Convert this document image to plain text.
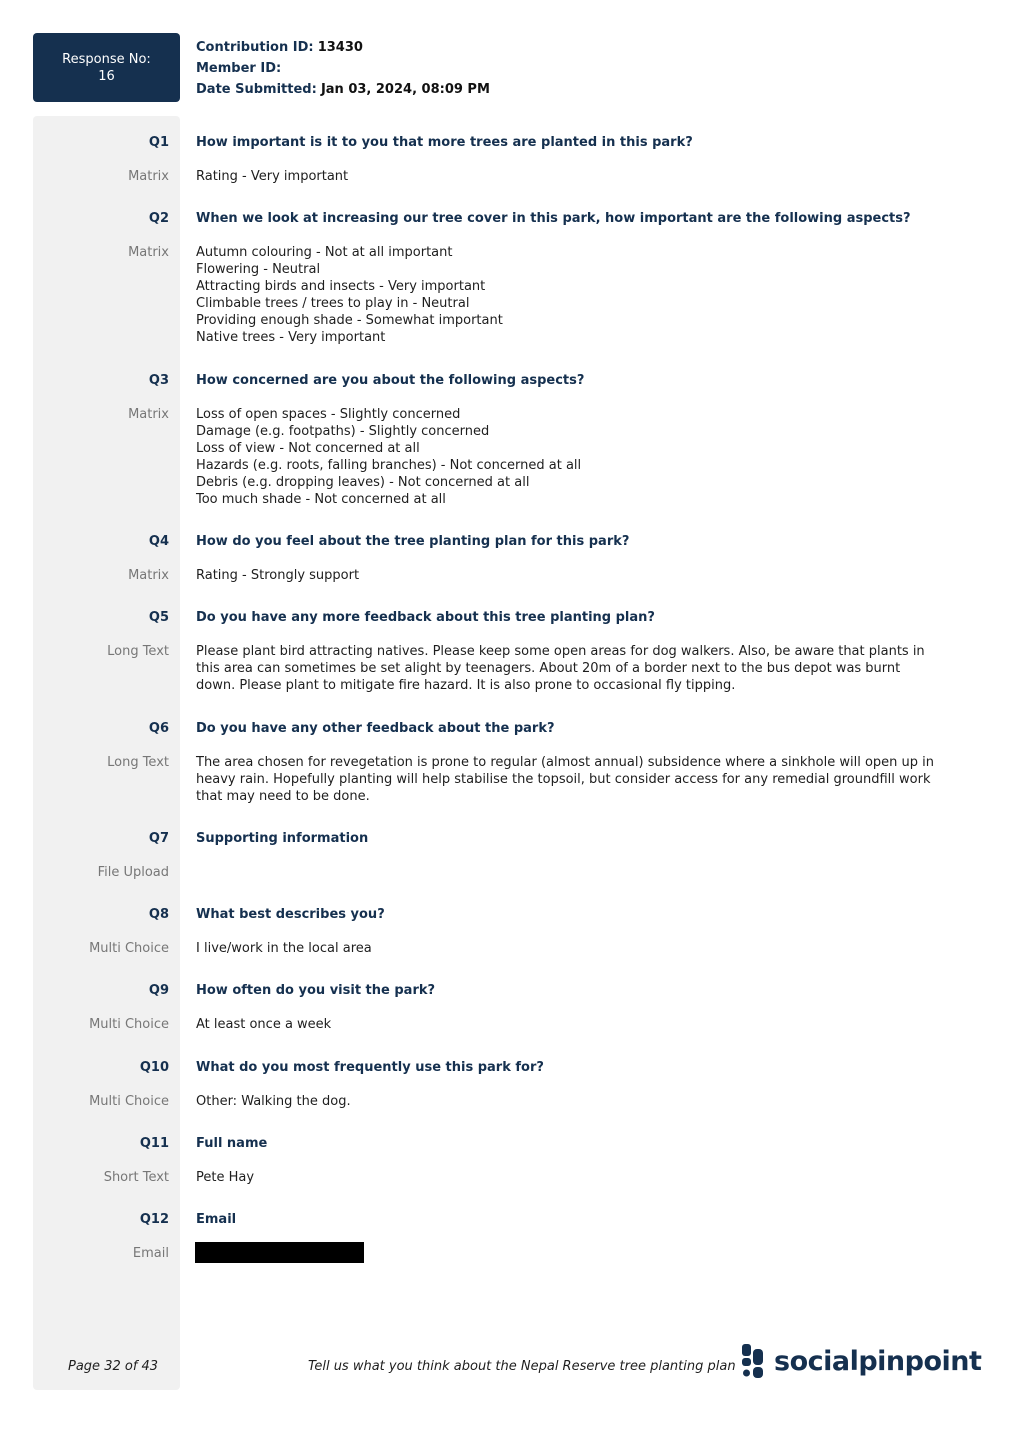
Response No:
16
Contribution ID: 13430
Member ID:
Date Submitted: Jan 03, 2024, 08:09 PM
Q1 How important is it to you that more trees are planted in this park?
Matrix Rating - Very important
Q2 When we look at increasing our tree cover in this park, how important are the following aspects?
Matrix Autumn colouring - Not at all important
Flowering - Neutral
Attracting birds and insects - Very important
Climbable trees / trees to play in - Neutral
Providing enough shade - Somewhat important
Native trees - Very important
Q3 How concerned are you about the following aspects?
Matrix Loss of open spaces - Slightly concerned
Damage (e.g. footpaths) - Slightly concerned
Loss of view - Not concerned at all
Hazards (e.g. roots, falling branches) - Not concerned at all
Debris (e.g. dropping leaves) - Not concerned at all
Too much shade - Not concerned at all
Q4 How do you feel about the tree planting plan for this park?
Matrix Rating - Strongly support
Q5 Do you have any more feedback about this tree planting plan?
Long Text Please plant bird attracting natives. Please keep some open areas for dog walkers. Also, be aware that plants in this area can sometimes be set alight by teenagers. About 20m of a border next to the bus depot was burnt down. Please plant to mitigate fire hazard. It is also prone to occasional fly tipping.
Q6 Do you have any other feedback about the park?
Long Text The area chosen for revegetation is prone to regular (almost annual) subsidence where a sinkhole will open up in heavy rain. Hopefully planting will help stabilise the topsoil, but consider access for any remedial groundfill work that may need to be done.
Q7 Supporting information
File Upload
Q8 What best describes you?
Multi Choice I live/work in the local area
Q9 How often do you visit the park?
Multi Choice At least once a week
Q10 What do you most frequently use this park for?
Multi Choice Other: Walking the dog.
Q11 Full name
Short Text Pete Hay
Q12 Email
Email
Page 32 of 43	Tell us what you think about the Nepal Reserve tree planting plan socialpinpoint
